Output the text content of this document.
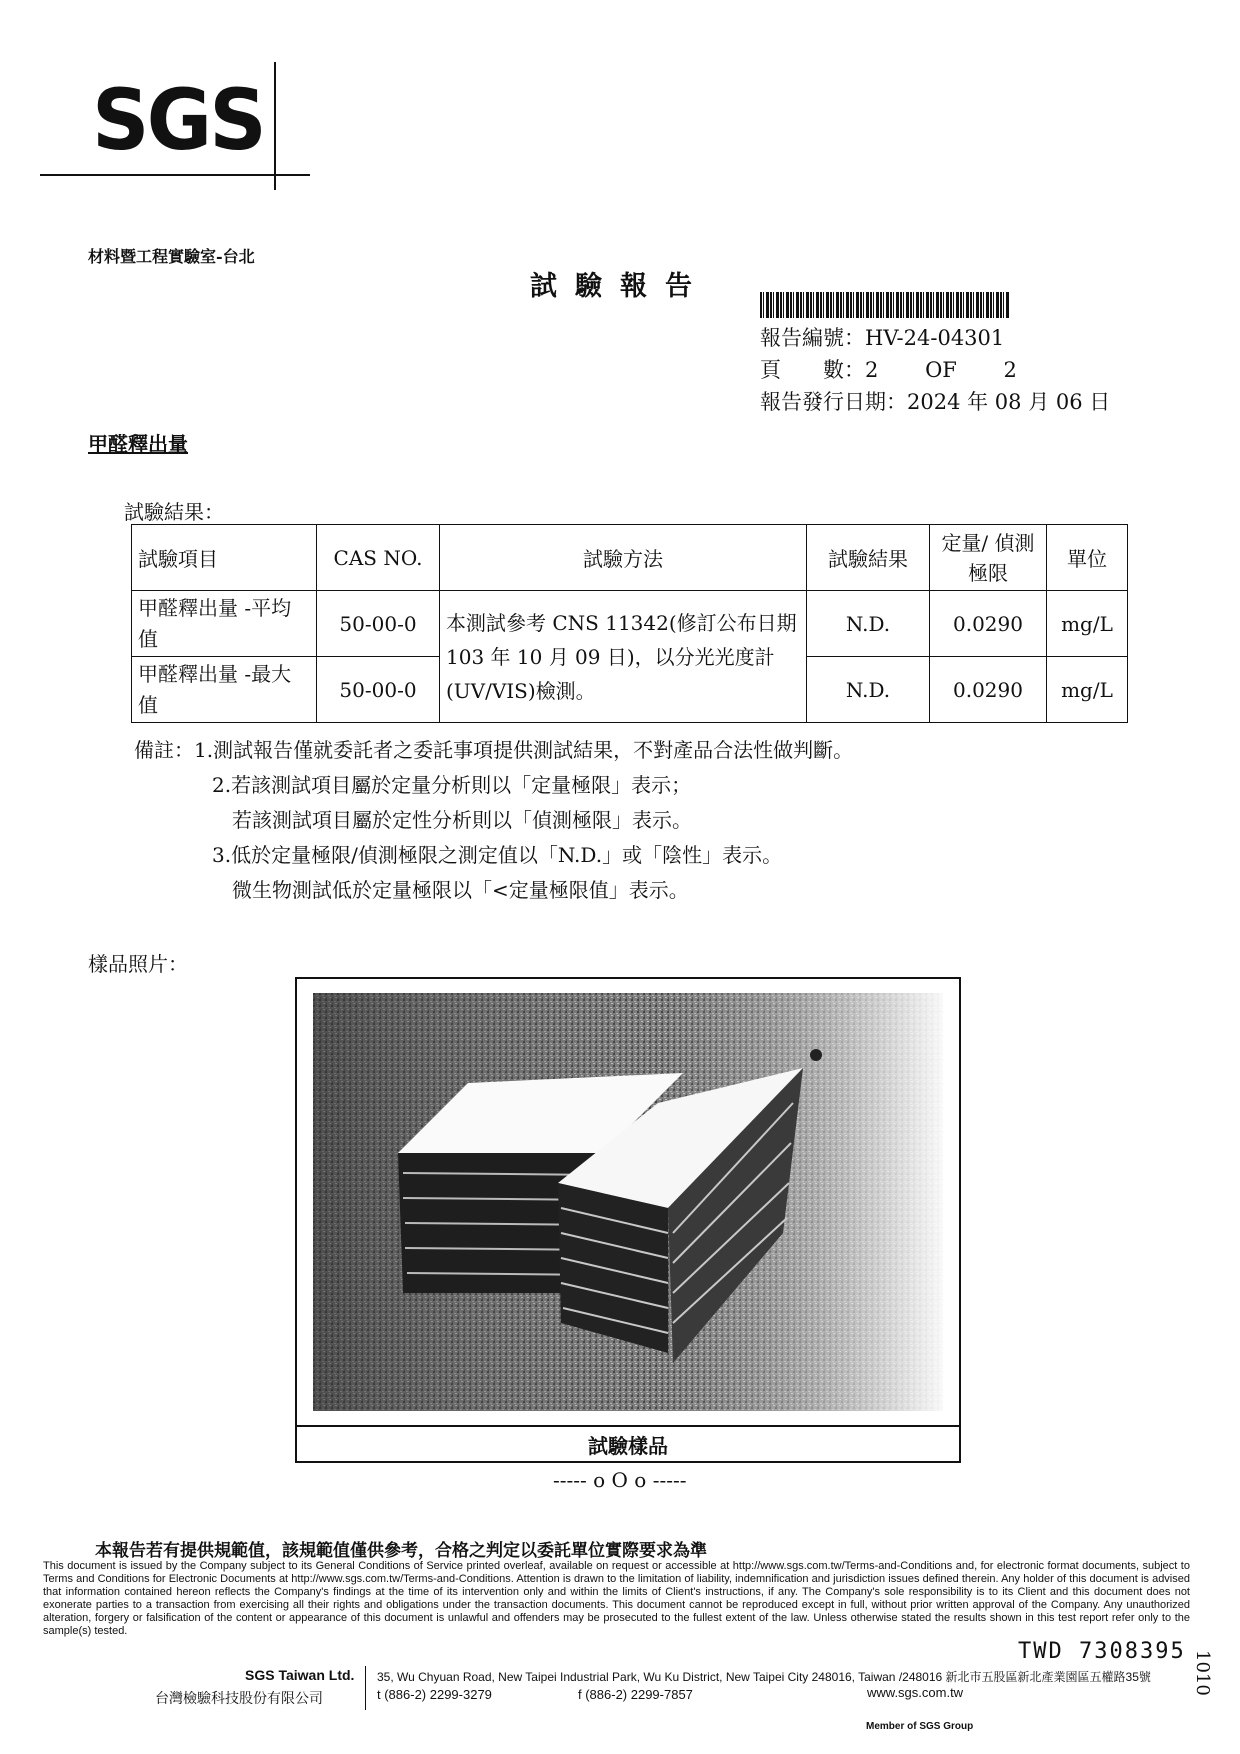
SGS
材料暨工程實驗室-台北
試驗報告
報告編號：HV-24-04301
頁　　數：2 OF 2
報告發行日期：2024 年 08 月 06 日
甲醛釋出量
試驗結果：
試驗項目	CAS NO.	試驗方法	試驗結果	定量/ 偵測極限	單位
甲醛釋出量 -平均值	50-00-0	本測試參考 CNS 11342(修訂公布日期 103 年 10 月 09 日)，以分光光度計(UV/VIS)檢測。	N.D.	0.0290	mg/L
甲醛釋出量 -最大值	50-00-0		N.D.	0.0290	mg/L
備註：1.測試報告僅就委託者之委託事項提供測試結果，不對產品合法性做判斷。
2.若該測試項目屬於定量分析則以「定量極限」表示；
若該測試項目屬於定性分析則以「偵測極限」表示。
3.低於定量極限/偵測極限之測定值以「N.D.」或「陰性」表示。
微生物測試低於定量極限以「<定量極限值」表示。
樣品照片：
試驗樣品
----- o O o -----
本報告若有提供規範值，該規範值僅供參考，合格之判定以委託單位實際要求為準
This document is issued by the Company subject to its General Conditions of Service printed overleaf, available on request or accessible at http://www.sgs.com.tw/Terms-and-Conditions and, for electronic format documents, subject to Terms and Conditions for Electronic Documents at http://www.sgs.com.tw/Terms-and-Conditions. Attention is drawn to the limitation of liability, indemnification and jurisdiction issues defined therein. Any holder of this document is advised that information contained hereon reflects the Company's findings at the time of its intervention only and within the limits of Client's instructions, if any. The Company's sole responsibility is to its Client and this document does not exonerate parties to a transaction from exercising all their rights and obligations under the transaction documents. This document cannot be reproduced except in full, without prior written approval of the Company. Any unauthorized alteration, forgery or falsification of the content or appearance of this document is unlawful and offenders may be prosecuted to the fullest extent of the law. Unless otherwise stated the results shown in this test report refer only to the sample(s) tested.
TWD 7308395 1010
SGS Taiwan Ltd.
台灣檢驗科技股份有限公司
35, Wu Chyuan Road, New Taipei Industrial Park, Wu Ku District, New Taipei City 248016, Taiwan /248016 新北市五股區新北產業園區五權路35號
t (886-2) 2299-3279	f (886-2) 2299-7857	www.sgs.com.tw
Member of SGS Group
